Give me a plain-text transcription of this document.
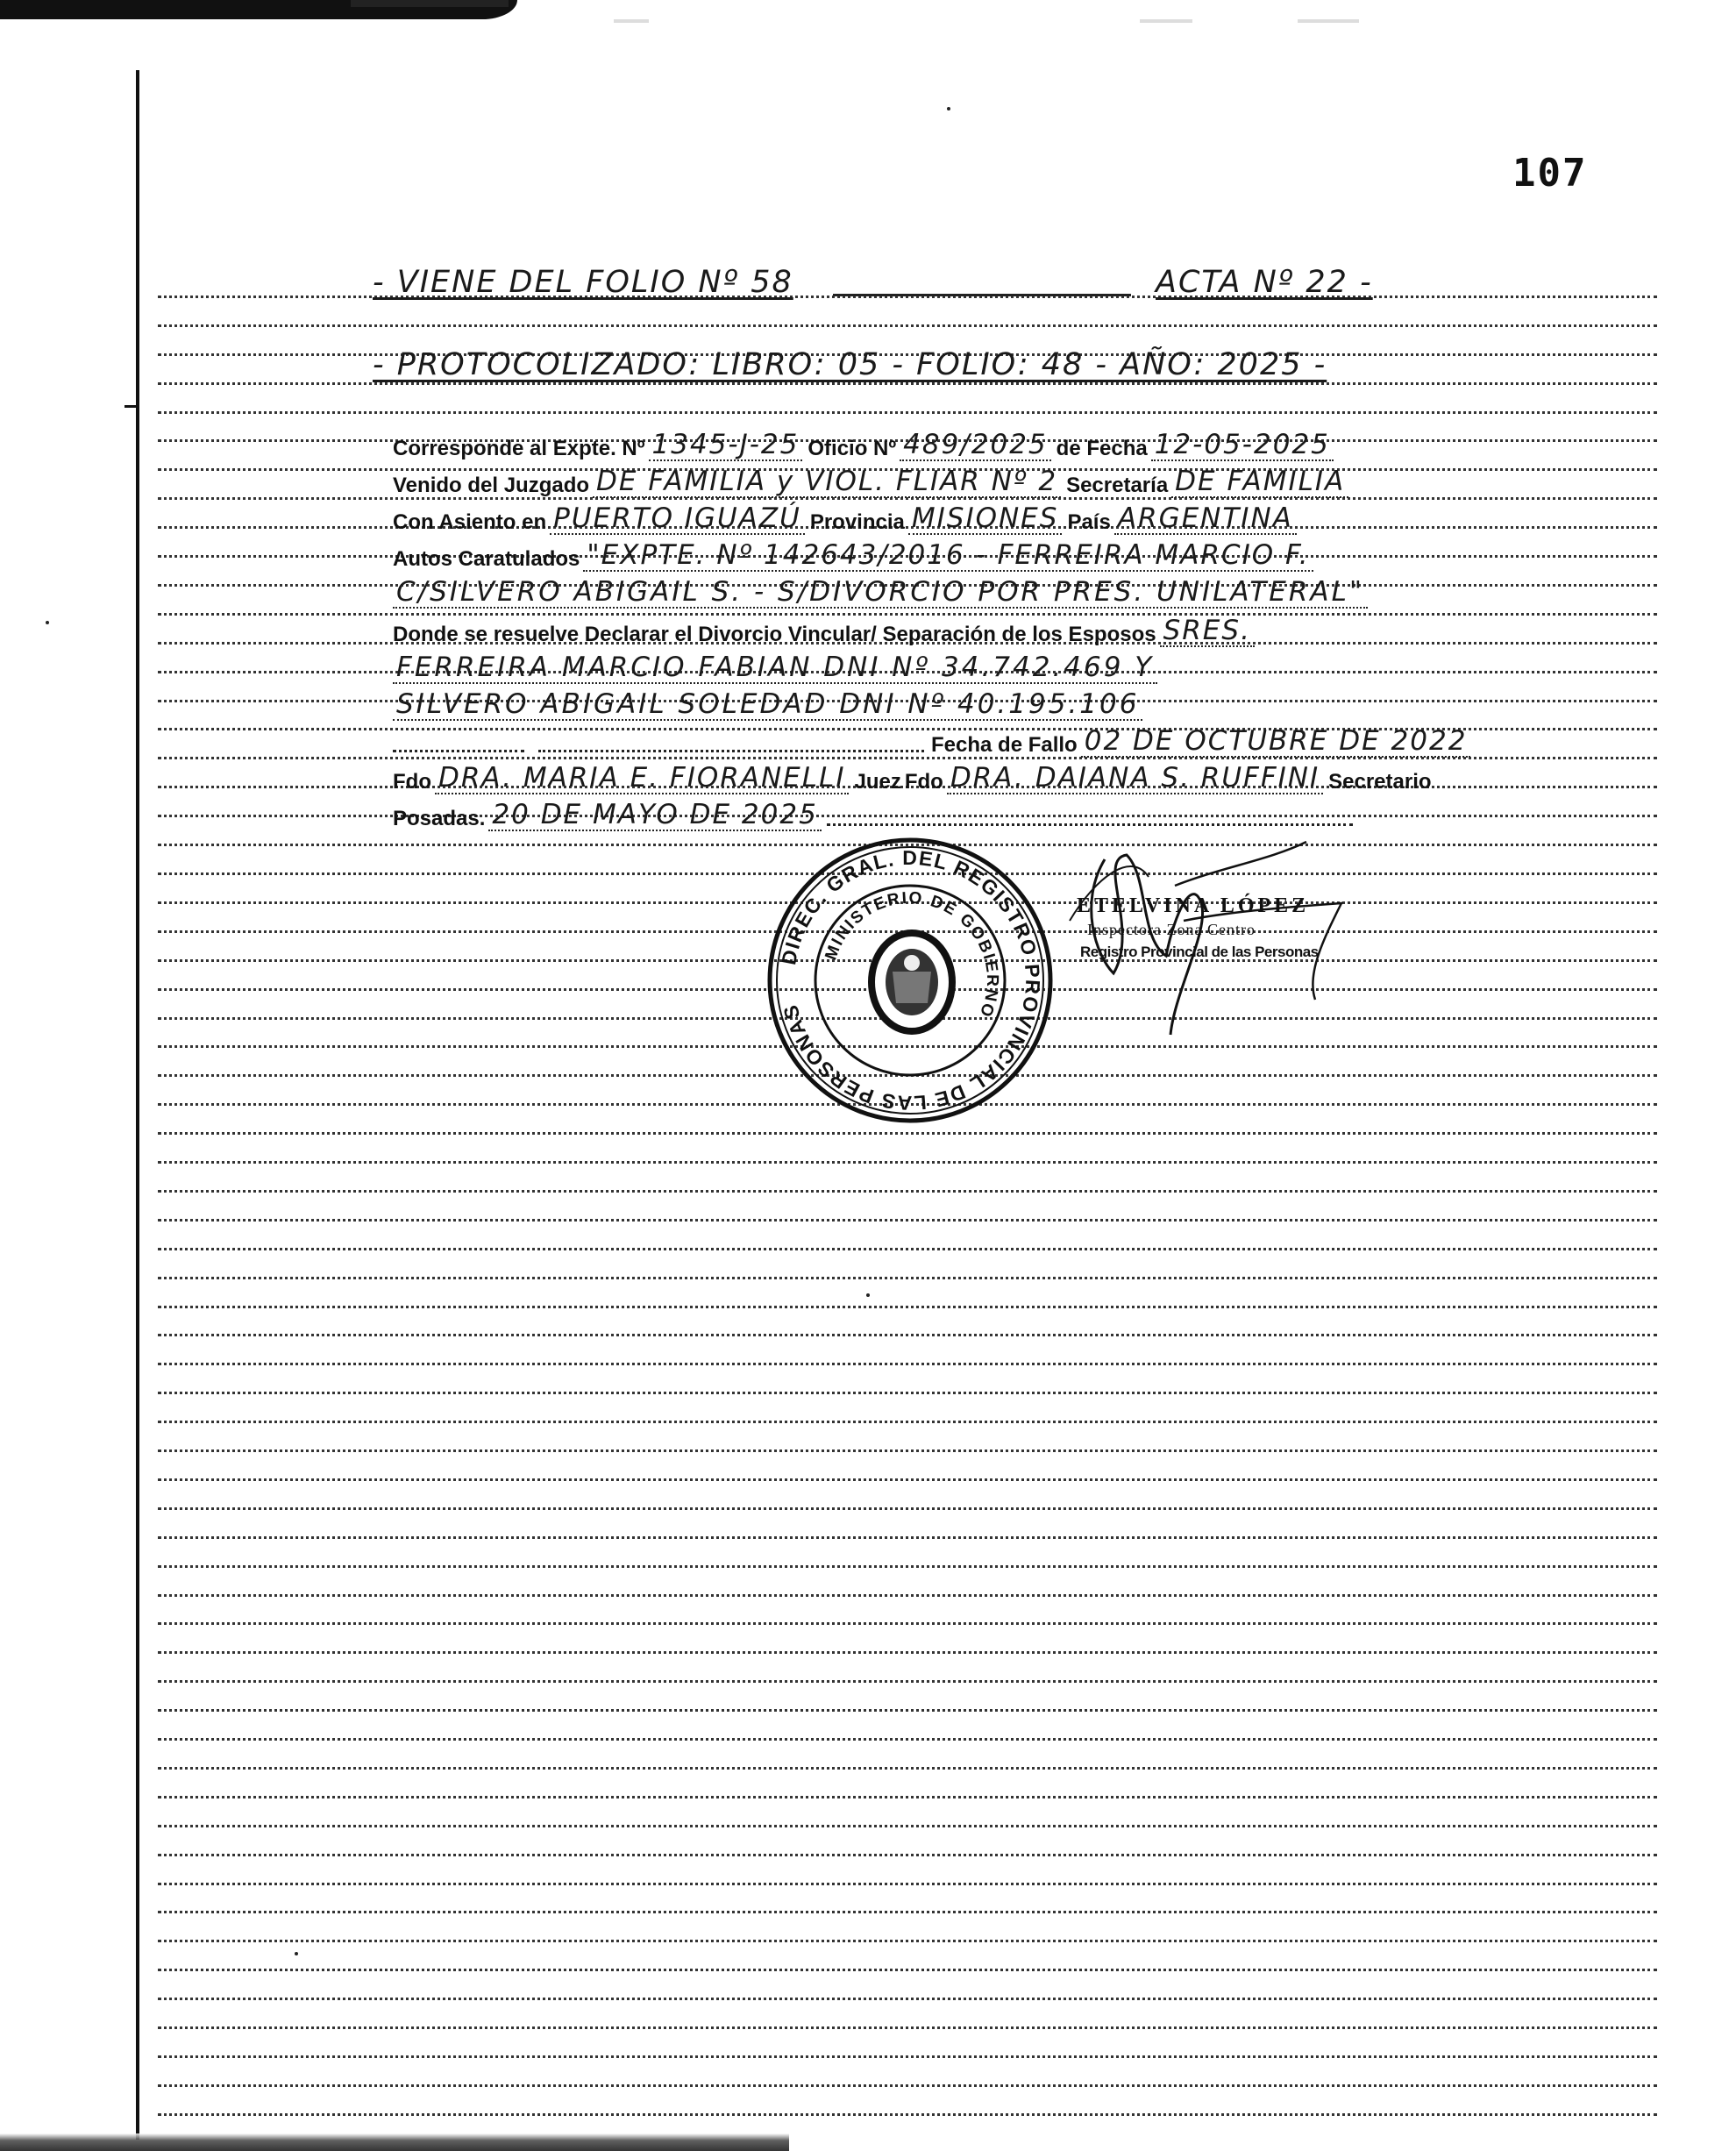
107
- VIENE DEL FOLIO Nº 58	ACTA Nº 22 -
- PROTOCOLIZADO: LIBRO: 05 - FOLIO: 48 - AÑO: 2025 -
Corresponde al Expte. Nº 1345-J-25 Oficio Nº 489/2025 de Fecha 12-05-2025
Venido del Juzgado DE FAMILIA y VIOL. FLIAR Nº 2 Secretaría DE FAMILIA
Con Asiento en PUERTO IGUAZÚ Provincia MISIONES País ARGENTINA
Autos Caratulados "EXPTE. Nº 142643/2016 - FERREIRA MARCIO F.
C/SILVERO ABIGAIL S. - S/DIVORCIO POR PRES. UNILATERAL"
Donde se resuelve Declarar el Divorcio Vincular/ Separación de los Esposos SRES.
FERREIRA MARCIO FABIAN DNI Nº 34.742.469 Y
SILVERO ABIGAIL SOLEDAD DNI Nº 40.195.106
Fecha de Fallo 02 DE OCTUBRE DE 2022
Fdo DRA. MARIA E. FIORANELLI Juez Fdo DRA. DAIANA S. RUFFINI Secretario
Posadas. 20 DE MAYO DE 2025
DIREC. GRAL. DEL REGISTRO PROVINCIAL DE LAS PERSONAS
MINISTERIO DE GOBIERNO
ETELVINA LÓPEZ
Inspectora Zona Centro
Registro Provincial de las Personas
